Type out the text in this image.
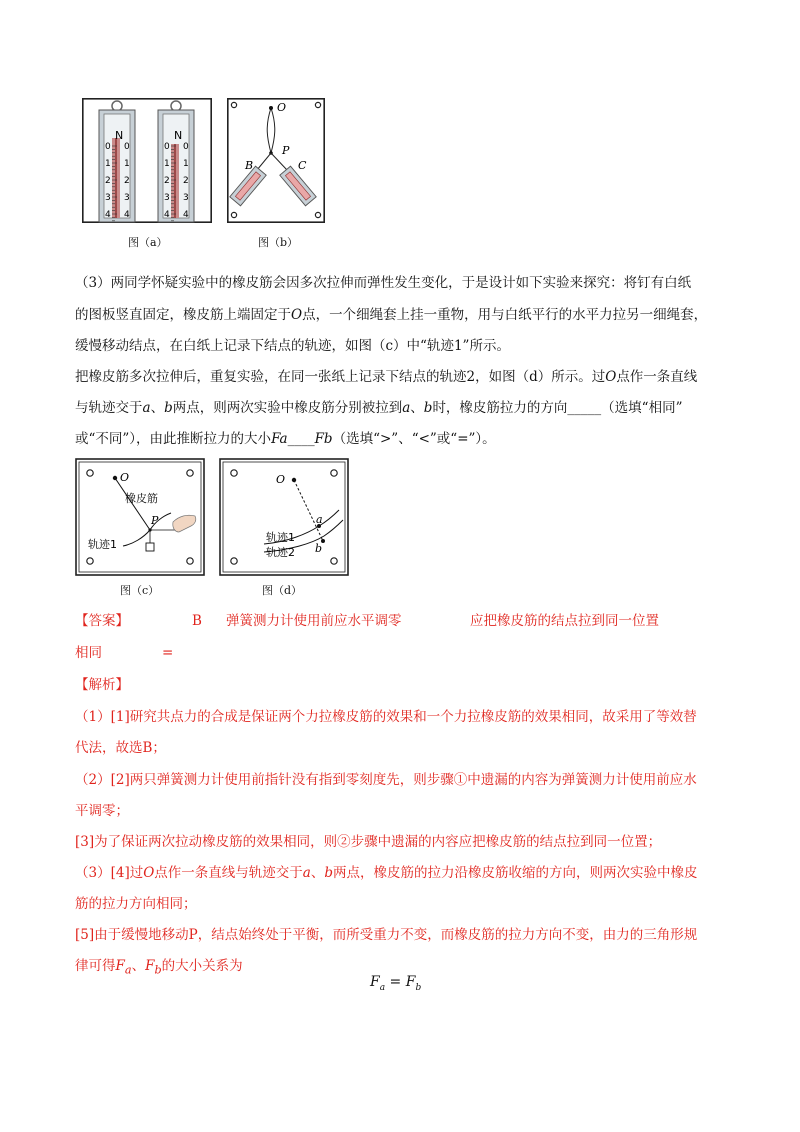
N	N
0 0
1 1
2 2
3 3
4 4
0 0
1 1
2 2
3 3
4 4
图（a）
O
P
B	C
图（b）
（3）两同学怀疑实验中的橡皮筋会因多次拉伸而弹性发生变化，于是设计如下实验来探究：将钉有白纸
的图板竖直固定，橡皮筋上端固定于O点，一个细绳套上挂一重物，用与白纸平行的水平力拉另一细绳套，
缓慢移动结点，在白纸上记录下结点的轨迹，如图（c）中“轨迹1”所示。
把橡皮筋多次拉伸后，重复实验，在同一张纸上记录下结点的轨迹2，如图（d）所示。过O点作一条直线
与轨迹交于a、b两点，则两次实验中橡皮筋分别被拉到a、b时，橡皮筋拉力的方向_____（选填“相同”
或“不同”），由此推断拉力的大小Fa____Fb（选填“>”、“<”或“=”）。
O
橡皮筋
P
轨迹1
图（c）
O
a
b
轨迹1
轨迹2
图（d）
【答案】	B 弹簧测力计使用前应水平调零	应把橡皮筋的结点拉到同一位置
相同	=
【解析】
（1）[1]研究共点力的合成是保证两个力拉橡皮筋的效果和一个力拉橡皮筋的效果相同，故采用了等效替
代法，故选B；
（2）[2]两只弹簧测力计使用前指针没有指到零刻度先，则步骤①中遗漏的内容为弹簧测力计使用前应水
平调零；
[3]为了保证两次拉动橡皮筋的效果相同，则②步骤中遗漏的内容应把橡皮筋的结点拉到同一位置；
（3）[4]过O点作一条直线与轨迹交于a、b两点，橡皮筋的拉力沿橡皮筋收缩的方向，则两次实验中橡皮
筋的拉力方向相同；
[5]由于缓慢地移动P，结点始终处于平衡，而所受重力不变，而橡皮筋的拉力方向不变，由力的三角形规
律可得$F_a$、$F_b$的大小关系为
$F_a = F_b$
